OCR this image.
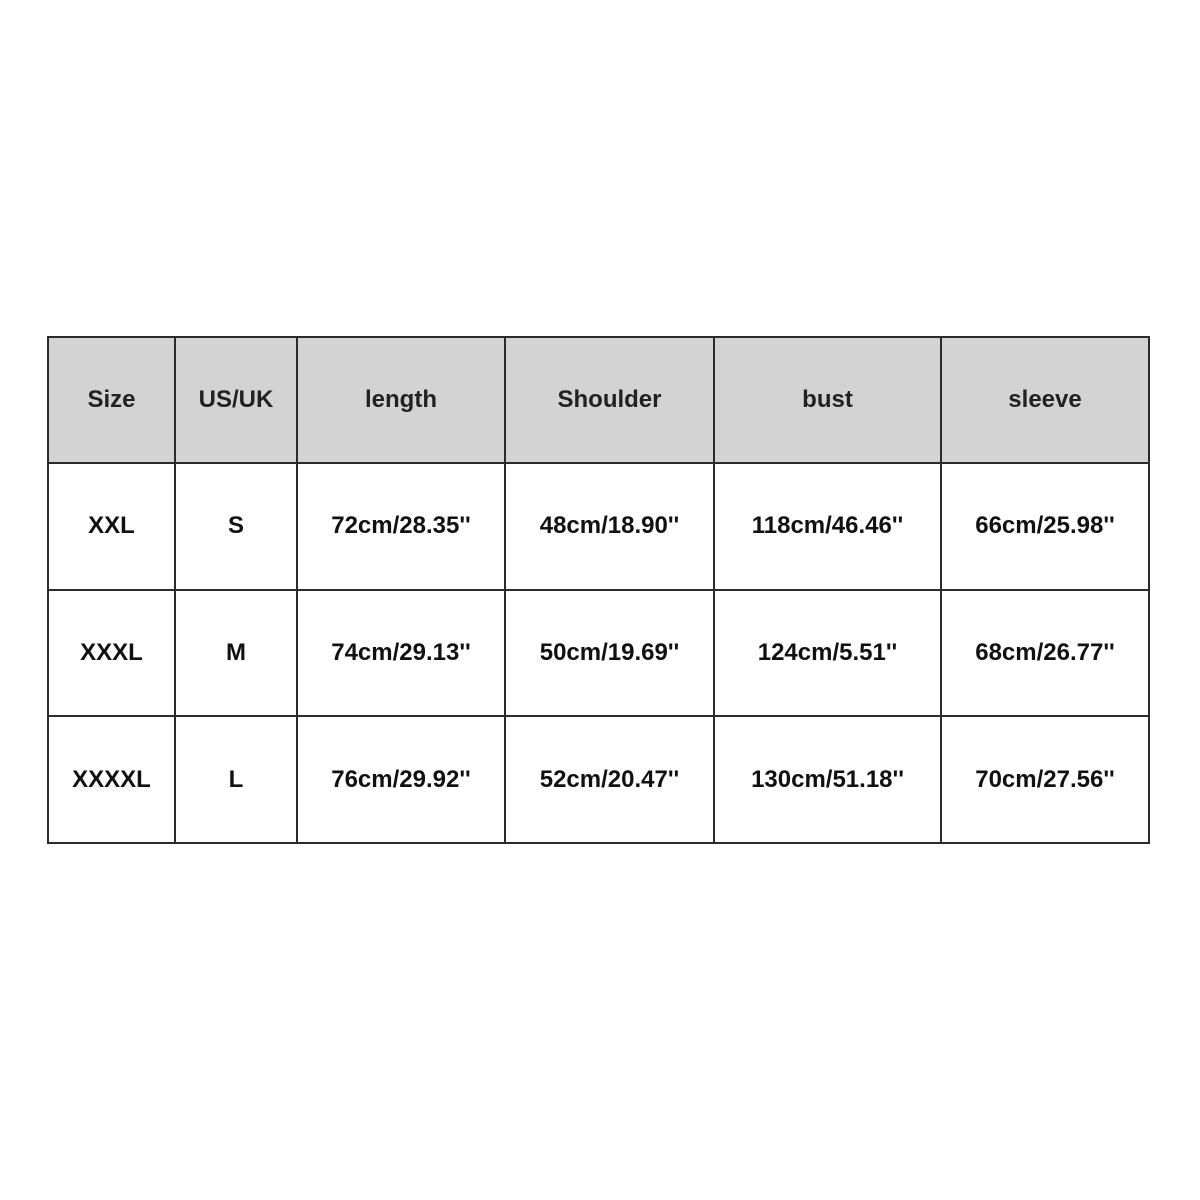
Size	US/UK	length	Shoulder	bust	sleeve
XXL	S	72cm/28.35''	48cm/18.90''	118cm/46.46''	66cm/25.98''
XXXL	M	74cm/29.13''	50cm/19.69''	124cm/5.51''	68cm/26.77''
XXXXL	L	76cm/29.92''	52cm/20.47''	130cm/51.18''	70cm/27.56''
